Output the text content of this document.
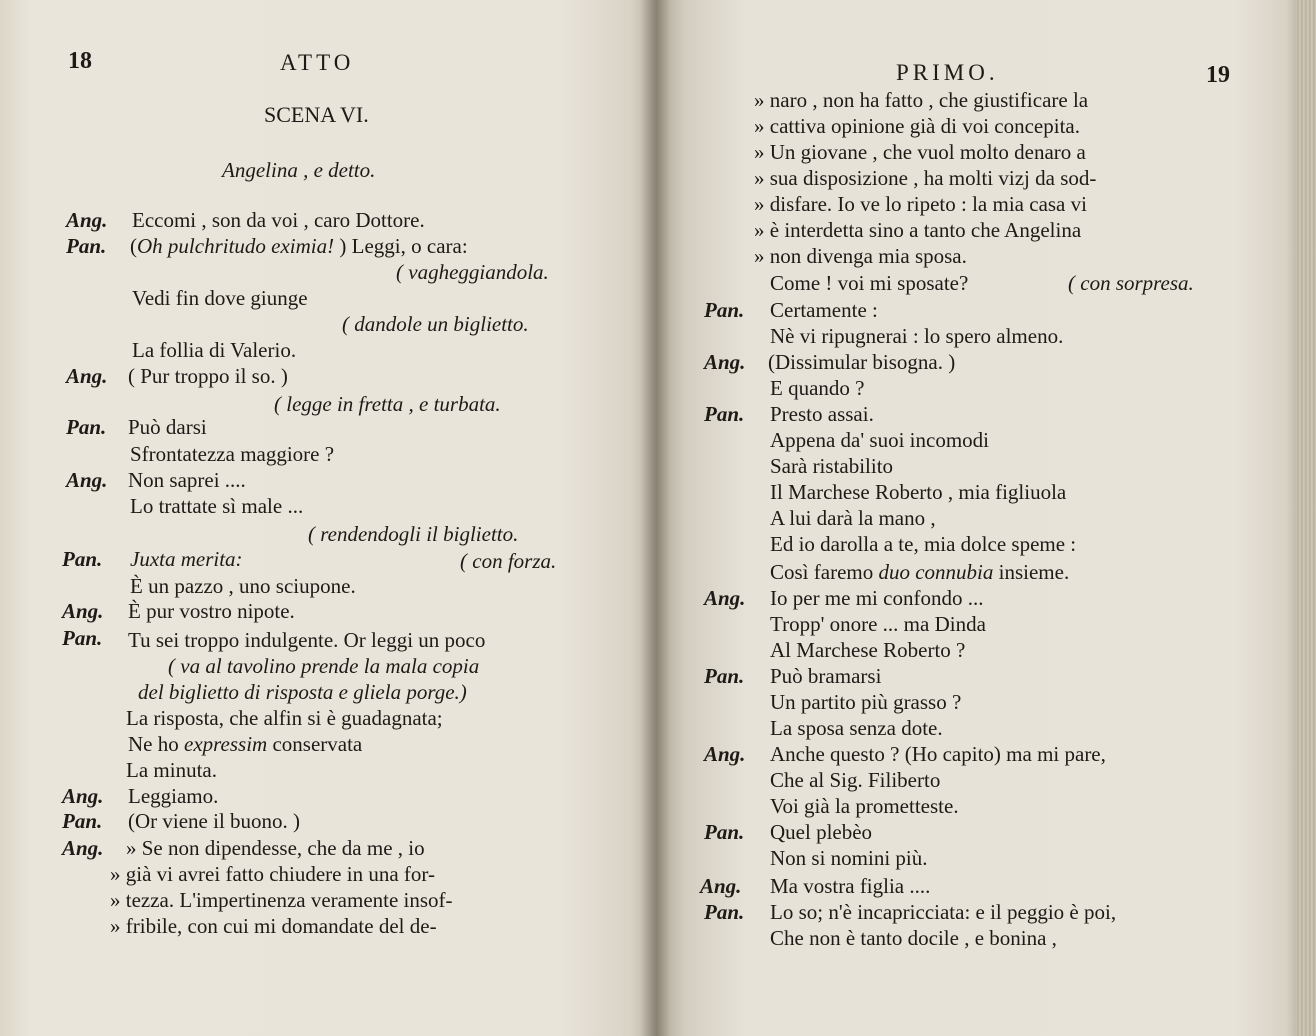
18	ATTO
SCENA VI.
Angelina , e detto.
Ang. Eccomi , son da voi , caro Dottore.
Pan. (Oh pulchritudo eximia! ) Leggi, o cara:
( vagheggiandola.
Vedi fin dove giunge
( dandole un biglietto.
La follia di Valerio.
Ang. ( Pur troppo il so. )
( legge in fretta , e turbata.
Pan. Può darsi
Sfrontatezza maggiore ?
Ang. Non saprei ....
Lo trattate sì male ...
( rendendogli il biglietto.
Pan. Juxta merita:	( con forza.
È un pazzo , uno sciupone.
Ang. È pur vostro nipote.
Pan. Tu sei troppo indulgente. Or leggi un poco
( va al tavolino prende la mala copia
del biglietto di risposta e gliela porge.)
La risposta, che alfin si è guadagnata;
Ne ho expressim conservata
La minuta.
Ang. Leggiamo.
Pan. (Or viene il buono. )
Ang. » Se non dipendesse, che da me , io
» già vi avrei fatto chiudere in una for-
» tezza. L'impertinenza veramente insof-
» fribile, con cui mi domandate del de-
PRIMO.	19
» naro , non ha fatto , che giustificare la
» cattiva opinione già di voi concepita.
» Un giovane , che vuol molto denaro a
» sua disposizione , ha molti vizj da sod-
» disfare. Io ve lo ripeto : la mia casa vi
» è interdetta sino a tanto che Angelina
» non divenga mia sposa.
Come ! voi mi sposate?	( con sorpresa.
Pan. Certamente :
Nè vi ripugnerai : lo spero almeno.
Ang. (Dissimular bisogna. )
E quando ?
Pan. Presto assai.
Appena da' suoi incomodi
Sarà ristabilito
Il Marchese Roberto , mia figliuola
A lui darà la mano ,
Ed io darolla a te, mia dolce speme :
Così faremo duo connubia insieme.
Ang. Io per me mi confondo ...
Tropp' onore ... ma Dinda
Al Marchese Roberto ?
Pan. Può bramarsi
Un partito più grasso ?
La sposa senza dote.
Ang. Anche questo ? (Ho capito) ma mi pare,
Che al Sig. Filiberto
Voi già la prometteste.
Pan. Quel plebèo
Non si nomini più.
Ang. Ma vostra figlia ....
Pan. Lo so; n'è incapricciata: e il peggio è poi,
Che non è tanto docile , e bonina ,
